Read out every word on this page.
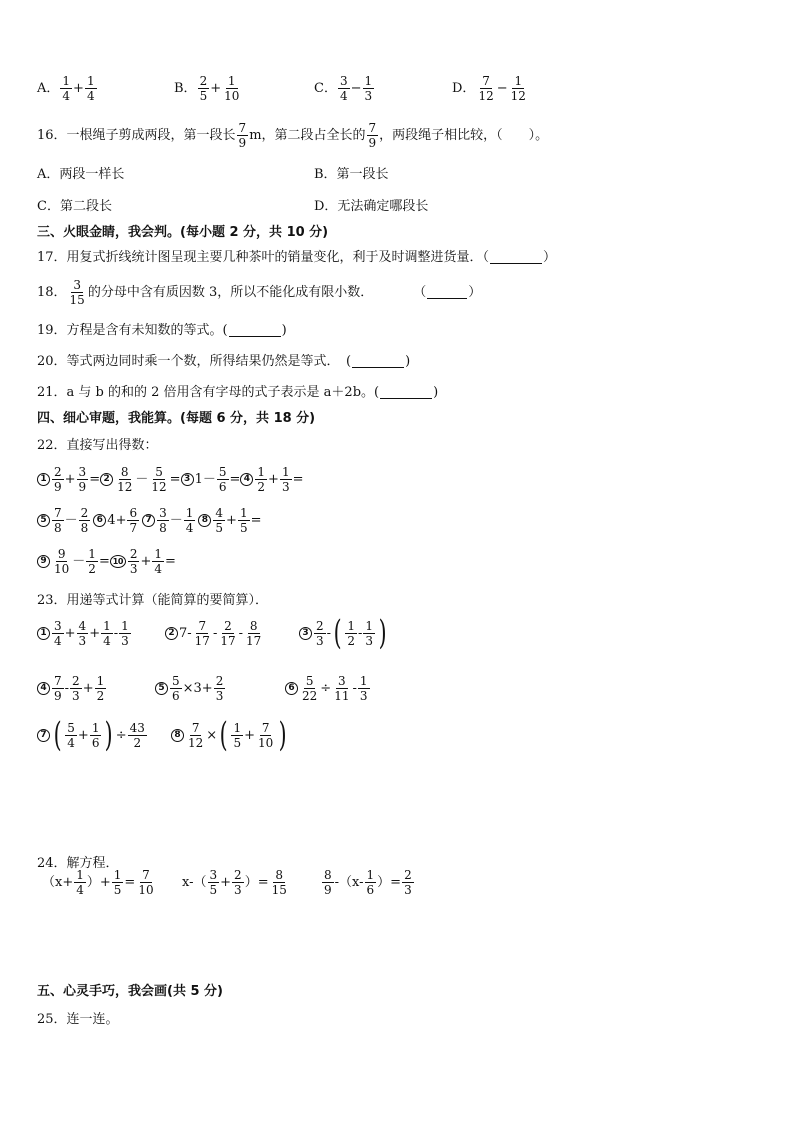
A． $\frac{1}{4} + \frac{1}{4}$	B． $\frac{2}{5} + \frac{1}{10}$	C． $\frac{3}{4} - \frac{1}{3}$	D． $\frac{7}{12} - \frac{1}{12}$
16．一根绳子剪成两段，第一段长 $\frac{7}{9}$ m，第二段占全长的 $\frac{7}{9}$ ，两段绳子相比较，（　　）。
A．两段一样长	B．第一段长
C．第二段长	D．无法确定哪段长
三、火眼金睛，我会判。(每小题 2 分，共 10 分)
17．用复式折线统计图呈现主要几种茶叶的销量变化，利于及时调整进货量．（	）
18． $\frac{3}{15}$ 的分母中含有质因数 3，所以不能化成有限小数．	（	）
19．方程是含有未知数的等式。(	)
20．等式两边同时乘一个数，所得结果仍然是等式．　(	)
21．a 与 b 的和的 2 倍用含有字母的式子表示是 a＋2b。(	)
四、细心审题，我能算。(每题 6 分，共 18 分)
22．直接写出得数：
$1 \frac{2}{9} + \frac{3}{9} = 2 \frac{8}{12} - \frac{5}{12} = 3$ $1- \frac{5}{6} = 4 \frac{1}{2} + \frac{1}{3}$ =
$5 \frac{7}{8} - \frac{2}{8} 6$ $4+ \frac{6}{7} 7 \frac{3}{8} - \frac{1}{4} 8 \frac{4}{5} + \frac{1}{5}$ =
$9 \frac{9}{10} - \frac{1}{2} = 10 \frac{2}{3} + \frac{1}{4}$ =
23．用递等式计算（能简算的要简算）．
$1 \frac{3}{4} + \frac{4}{3} + \frac{1}{4} - \frac{1}{3}$	2 $7- \frac{7}{17} - \frac{2}{17} - \frac{8}{17}$	$3 \frac{2}{3}$ - ( $\frac{1}{2} - \frac{1}{3}$ )
$4 \frac{7}{9} - \frac{2}{3} + \frac{1}{2}$	$5 \frac{5}{6} \times 3+ \frac{2}{3}$	$6 \frac{5}{22} \div \frac{3}{11} - \frac{1}{3}$
7 ( $\frac{5}{4} + \frac{1}{6}$ ) ÷ $\frac{43}{2}$	$8 \frac{7}{12}$ × ( $\frac{1}{5} + \frac{7}{10}$ )
24．解方程．
（$x+ \frac{1}{4}$ ）+ $\frac{1}{5} = \frac{7}{10} x-( \frac{3}{5} + \frac{2}{3}$ ）= $\frac{8}{15}$	$\frac{8}{9} -(x- \frac{1}{6}$ ）= $\frac{2}{3}$
五、心灵手巧，我会画(共 5 分)
25．连一连。
